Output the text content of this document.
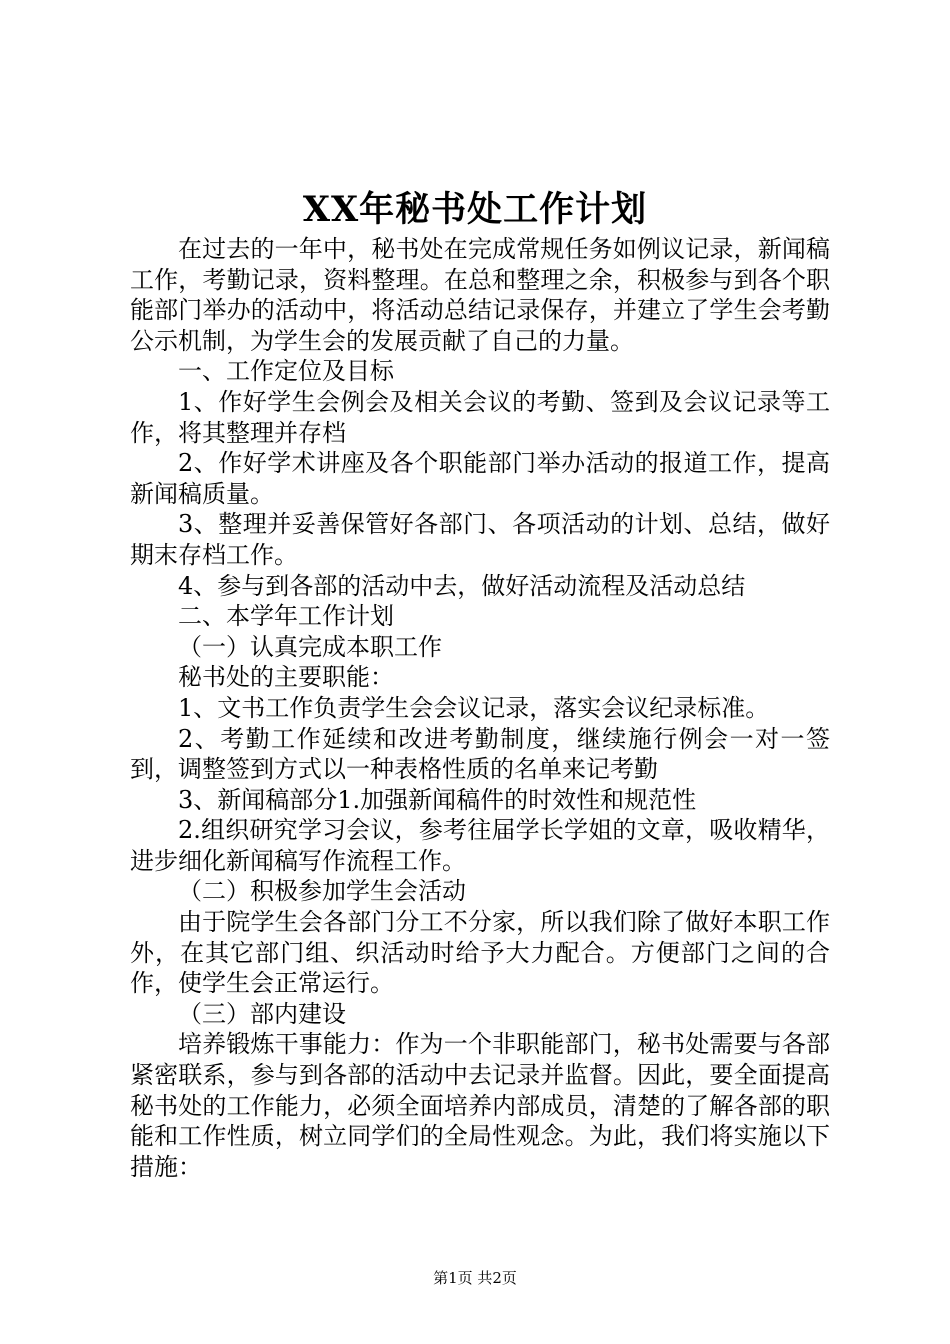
XX年秘书处工作计划

在过去的一年中，秘书处在完成常规任务如例议记录，新闻稿工作，考勤记录，资料整理。在总和整理之余，积极参与到各个职能部门举办的活动中，将活动总结记录保存，并建立了学生会考勤公示机制，为学生会的发展贡献了自己的力量。

一、工作定位及目标

1、作好学生会例会及相关会议的考勤、签到及会议记录等工作，将其整理并存档

2、作好学术讲座及各个职能部门举办活动的报道工作，提高新闻稿质量。

3、整理并妥善保管好各部门、各项活动的计划、总结，做好期末存档工作。

4、参与到各部的活动中去，做好活动流程及活动总结

二、本学年工作计划

（一）认真完成本职工作

秘书处的主要职能：

1、文书工作负责学生会会议记录，落实会议纪录标准。

2、考勤工作延续和改进考勤制度，继续施行例会一对一签到，调整签到方式以一种表格性质的名单来记考勤

3、新闻稿部分1.加强新闻稿件的时效性和规范性

2.组织研究学习会议，参考往届学长学姐的文章，吸收精华，进步细化新闻稿写作流程工作。

（二）积极参加学生会活动

由于院学生会各部门分工不分家，所以我们除了做好本职工作外，在其它部门组、织活动时给予大力配合。方便部门之间的合作，使学生会正常运行。

（三）部内建设

培养锻炼干事能力：作为一个非职能部门，秘书处需要与各部紧密联系，参与到各部的活动中去记录并监督。因此，要全面提高秘书处的工作能力，必须全面培养内部成员，清楚的了解各部的职能和工作性质，树立同学们的全局性观念。为此，我们将实施以下措施：

第1页 共2页
